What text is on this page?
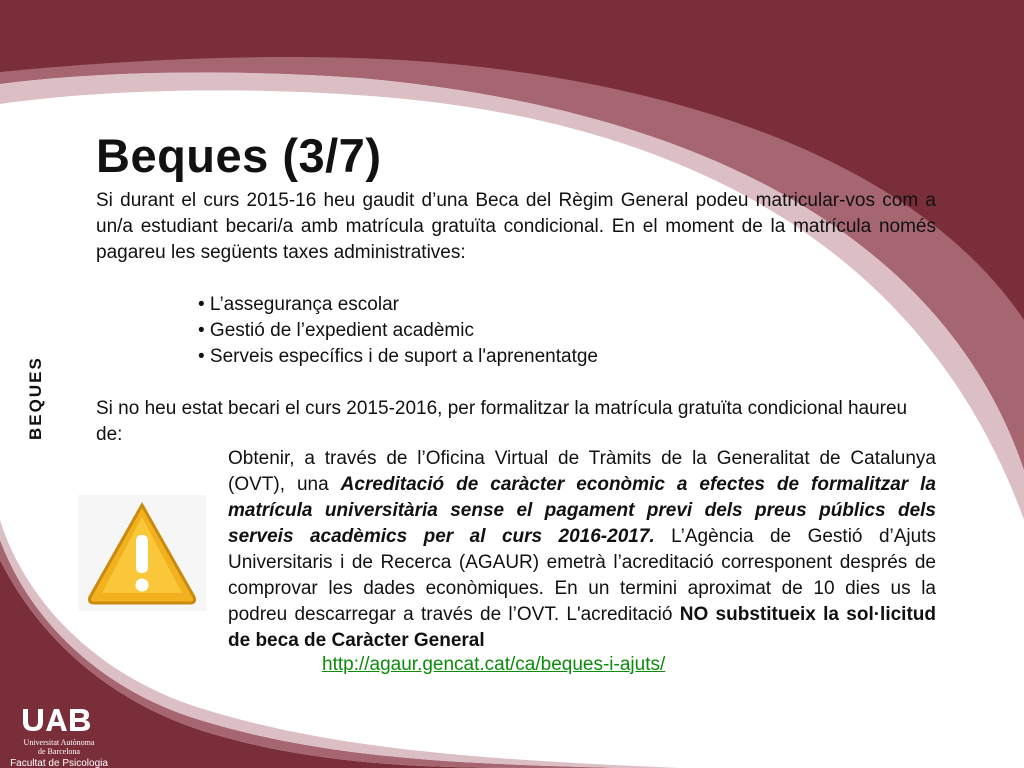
Beques (3/7)
Si durant el curs 2015-16 heu gaudit d’una Beca del Règim General podeu matricular-vos com a un/a estudiant becari/a amb matrícula gratuïta condicional. En el moment de la matrícula només pagareu les següents taxes administratives:
• L’assegurança escolar
• Gestió de l’expedient acadèmic
• Serveis específics i de suport a l'aprenentatge
Si no heu estat becari el curs 2015-2016, per formalitzar la matrícula gratuïta condicional haureu de:
Obtenir, a través de l’Oficina Virtual de Tràmits de la Generalitat de Catalunya (OVT), una Acreditació de caràcter econòmic a efectes de formalitzar la matrícula universitària sense el pagament previ dels preus públics dels serveis acadèmics per al curs 2016-2017. L’Agència de Gestió d’Ajuts Universitaris i de Recerca (AGAUR) emetrà l’acreditació corresponent després de comprovar les dades econòmiques. En un termini aproximat de 10 dies us la podreu descarregar a través de l’OVT. L'acreditació NO substitueix la sol·licitud de beca de Caràcter General
http://agaur.gencat.cat/ca/beques-i-ajuts/
BEQUES
Universitat Autònoma
de Barcelona
Facultat de Psicologia
